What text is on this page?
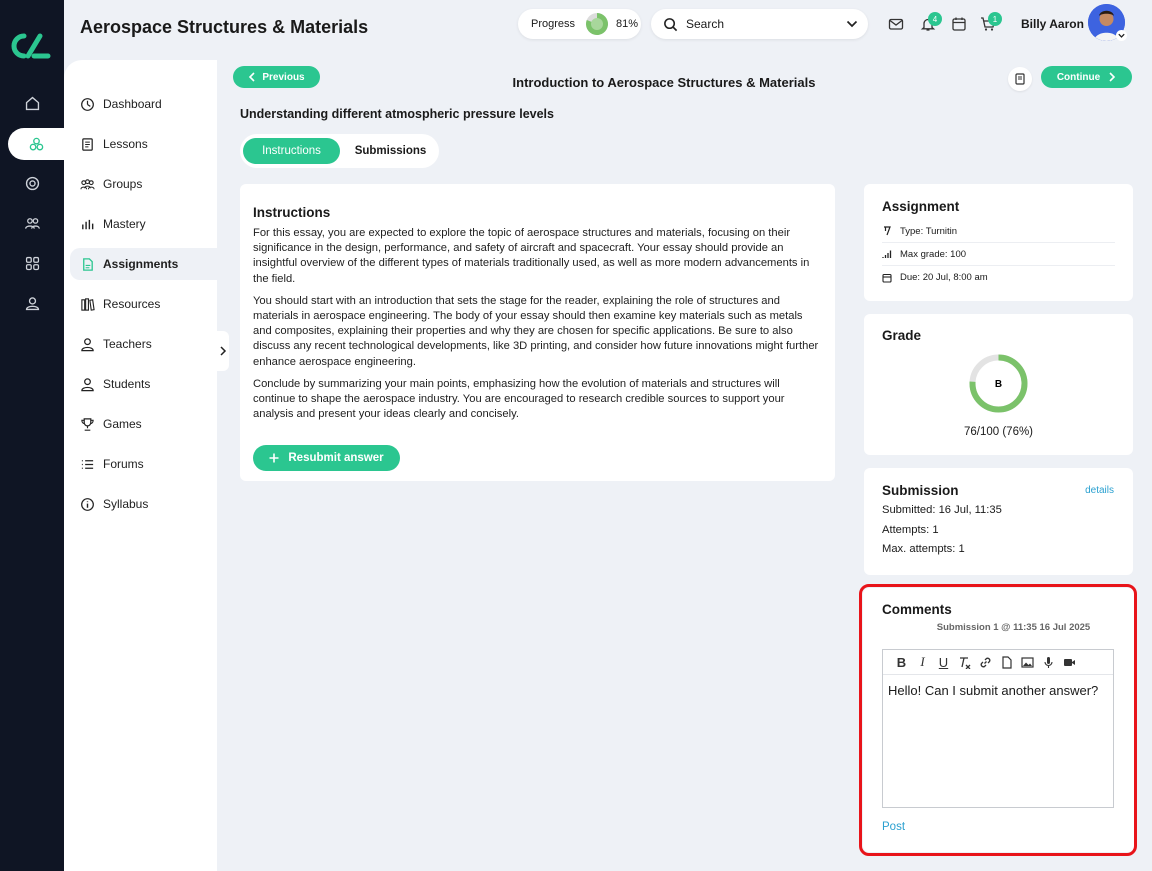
Dashboard
Lessons
Groups
Mastery
Assignments
Resources
Teachers
Students
Games
Forums
Syllabus
Aerospace Structures & Materials	Progress	81%	Search	4	1	Billy Aaron
Previous	Introduction to Aerospace Structures & Materials	Continue
Understanding different atmospheric pressure levels
Instructions	Submissions
Instructions

For this essay, you are expected to explore the topic of aerospace structures and materials, focusing on their significance in the design, performance, and safety of aircraft and spacecraft. Your essay should provide an insightful overview of the different types of materials traditionally used, as well as more modern advancements in the field.

You should start with an introduction that sets the stage for the reader, explaining the role of structures and materials in aerospace engineering. The body of your essay should then examine key materials such as metals and composites, explaining their properties and why they are chosen for specific applications. Be sure to also discuss any recent technological developments, like 3D printing, and consider how future innovations might further enhance aerospace engineering.

Conclude by summarizing your main points, emphasizing how the evolution of materials and structures will continue to shape the aerospace industry. You are encouraged to research credible sources to support your analysis and present your ideas clearly and concisely.

Resubmit answer
Assignment
Type: Turnitin
Max grade: 100
Due: 20 Jul, 8:00 am
Grade
B
76/100 (76%)
Submission	details
Submitted: 16 Jul, 11:35
Attempts: 1
Max. attempts: 1
Comments
Submission 1 @ 11:35 16 Jul 2025
B	I	U
Hello! Can I submit another answer?
Post
